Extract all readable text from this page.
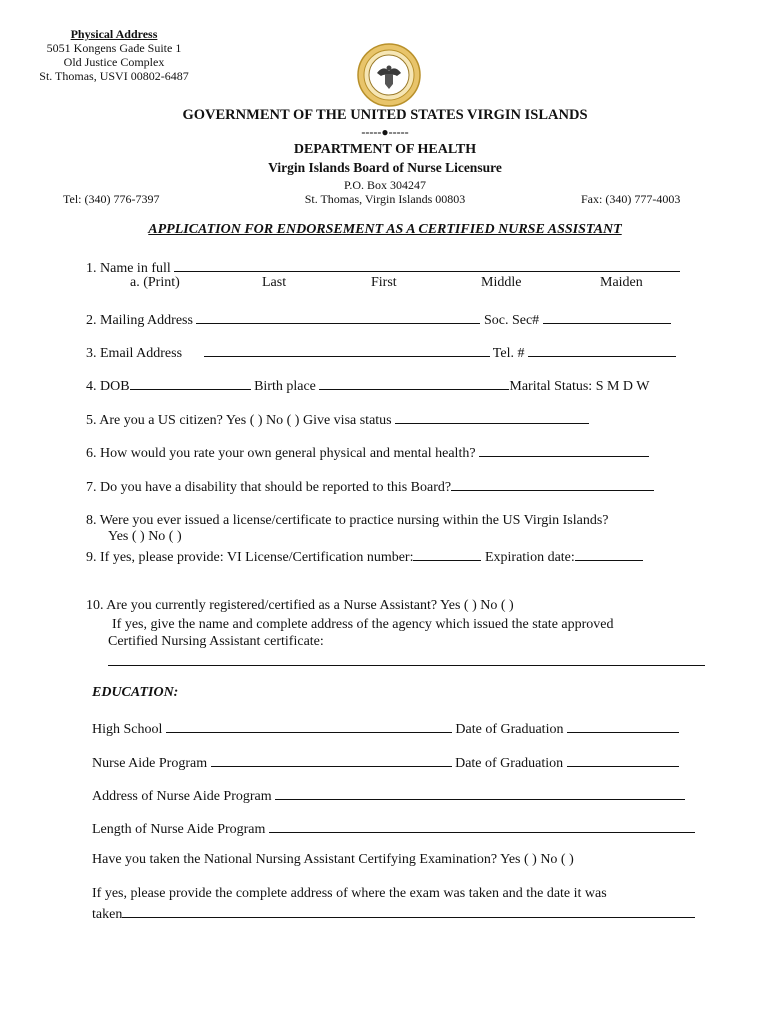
Physical Address
5051 Kongens Gade Suite 1
Old Justice Complex
St. Thomas, USVI 00802-6487
GOVERNMENT OF THE UNITED STATES VIRGIN ISLANDS
-----●-----
DEPARTMENT OF HEALTH
Virgin Islands Board of Nurse Licensure
P.O. Box 304247
Tel: (340) 776-7397	St. Thomas, Virgin Islands 00803	Fax: (340) 777-4003
APPLICATION FOR ENDORSEMENT AS A CERTIFIED NURSE ASSISTANT
1. Name in full
a. (Print)	Last	First	Middle	Maiden
2. Mailing Address	Soc. Sec#
3. Email Address	Tel. #
4. DOB	Birth place	Marital Status: S M D W
5. Are you a US citizen? Yes ( ) No ( ) Give visa status
6. How would you rate your own general physical and mental health?
7. Do you have a disability that should be reported to this Board?
8. Were you ever issued a license/certificate to practice nursing within the US Virgin Islands?
Yes ( ) No ( )
9. If yes, please provide: VI License/Certification number:	Expiration date:
10. Are you currently registered/certified as a Nurse Assistant? Yes ( ) No ( )
If yes, give the name and complete address of the agency which issued the state approved
Certified Nursing Assistant certificate:
EDUCATION:
High School	Date of Graduation
Nurse Aide Program	Date of Graduation
Address of Nurse Aide Program
Length of Nurse Aide Program
Have you taken the National Nursing Assistant Certifying Examination? Yes ( ) No ( )
If yes, please provide the complete address of where the exam was taken and the date it was
taken
